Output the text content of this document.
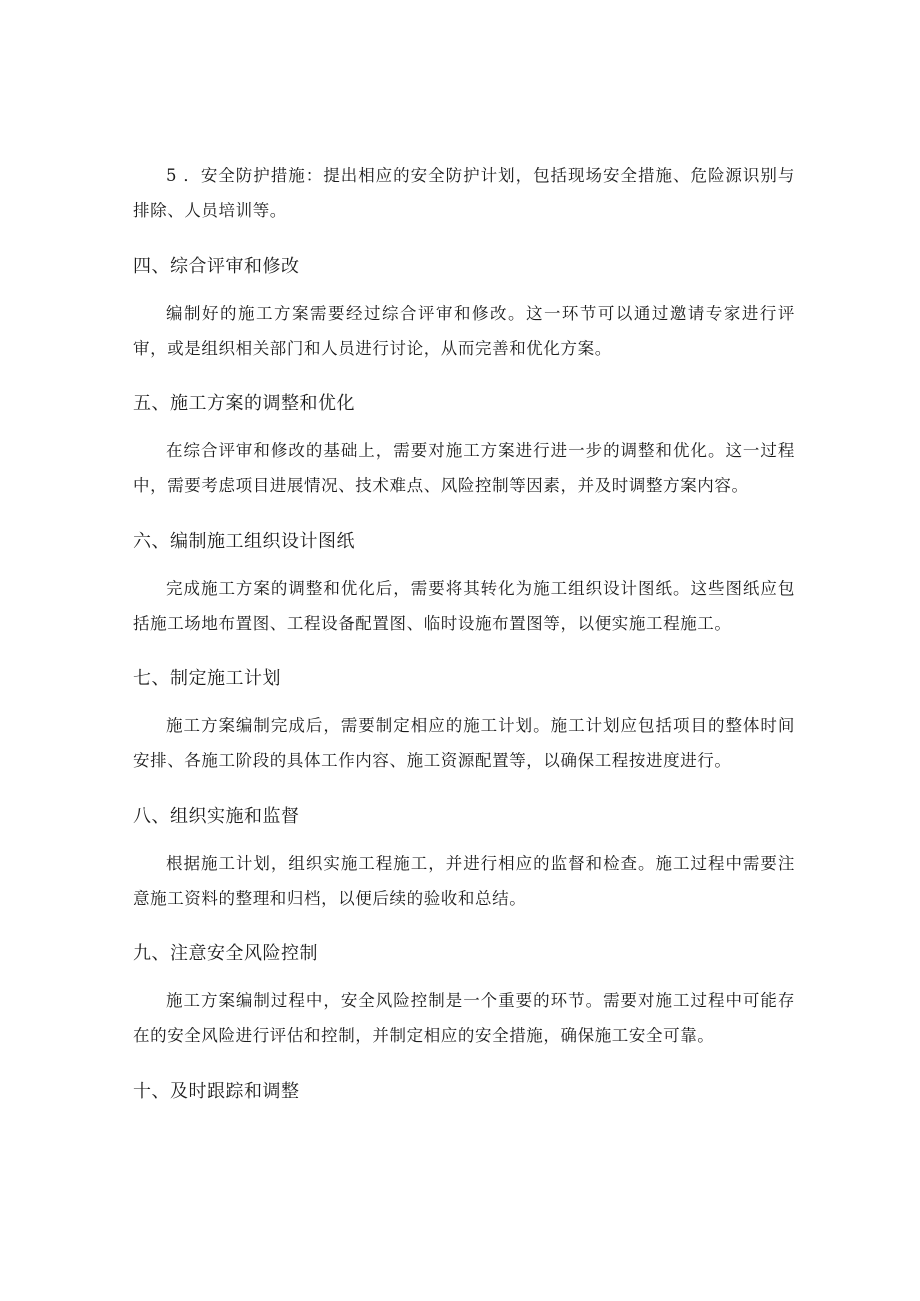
5 ．安全防护措施：提出相应的安全防护计划，包括现场安全措施、危险源识别与排除、人员培训等。

四、综合评审和修改

编制好的施工方案需要经过综合评审和修改。这一环节可以通过邀请专家进行评审，或是组织相关部门和人员进行讨论，从而完善和优化方案。

五、施工方案的调整和优化

在综合评审和修改的基础上，需要对施工方案进行进一步的调整和优化。这一过程中，需要考虑项目进展情况、技术难点、风险控制等因素，并及时调整方案内容。

六、编制施工组织设计图纸

完成施工方案的调整和优化后，需要将其转化为施工组织设计图纸。这些图纸应包括施工场地布置图、工程设备配置图、临时设施布置图等，以便实施工程施工。

七、制定施工计划

施工方案编制完成后，需要制定相应的施工计划。施工计划应包括项目的整体时间安排、各施工阶段的具体工作内容、施工资源配置等，以确保工程按进度进行。

八、组织实施和监督

根据施工计划，组织实施工程施工，并进行相应的监督和检查。施工过程中需要注意施工资料的整理和归档，以便后续的验收和总结。

九、注意安全风险控制

施工方案编制过程中，安全风险控制是一个重要的环节。需要对施工过程中可能存在的安全风险进行评估和控制，并制定相应的安全措施，确保施工安全可靠。

十、及时跟踪和调整
